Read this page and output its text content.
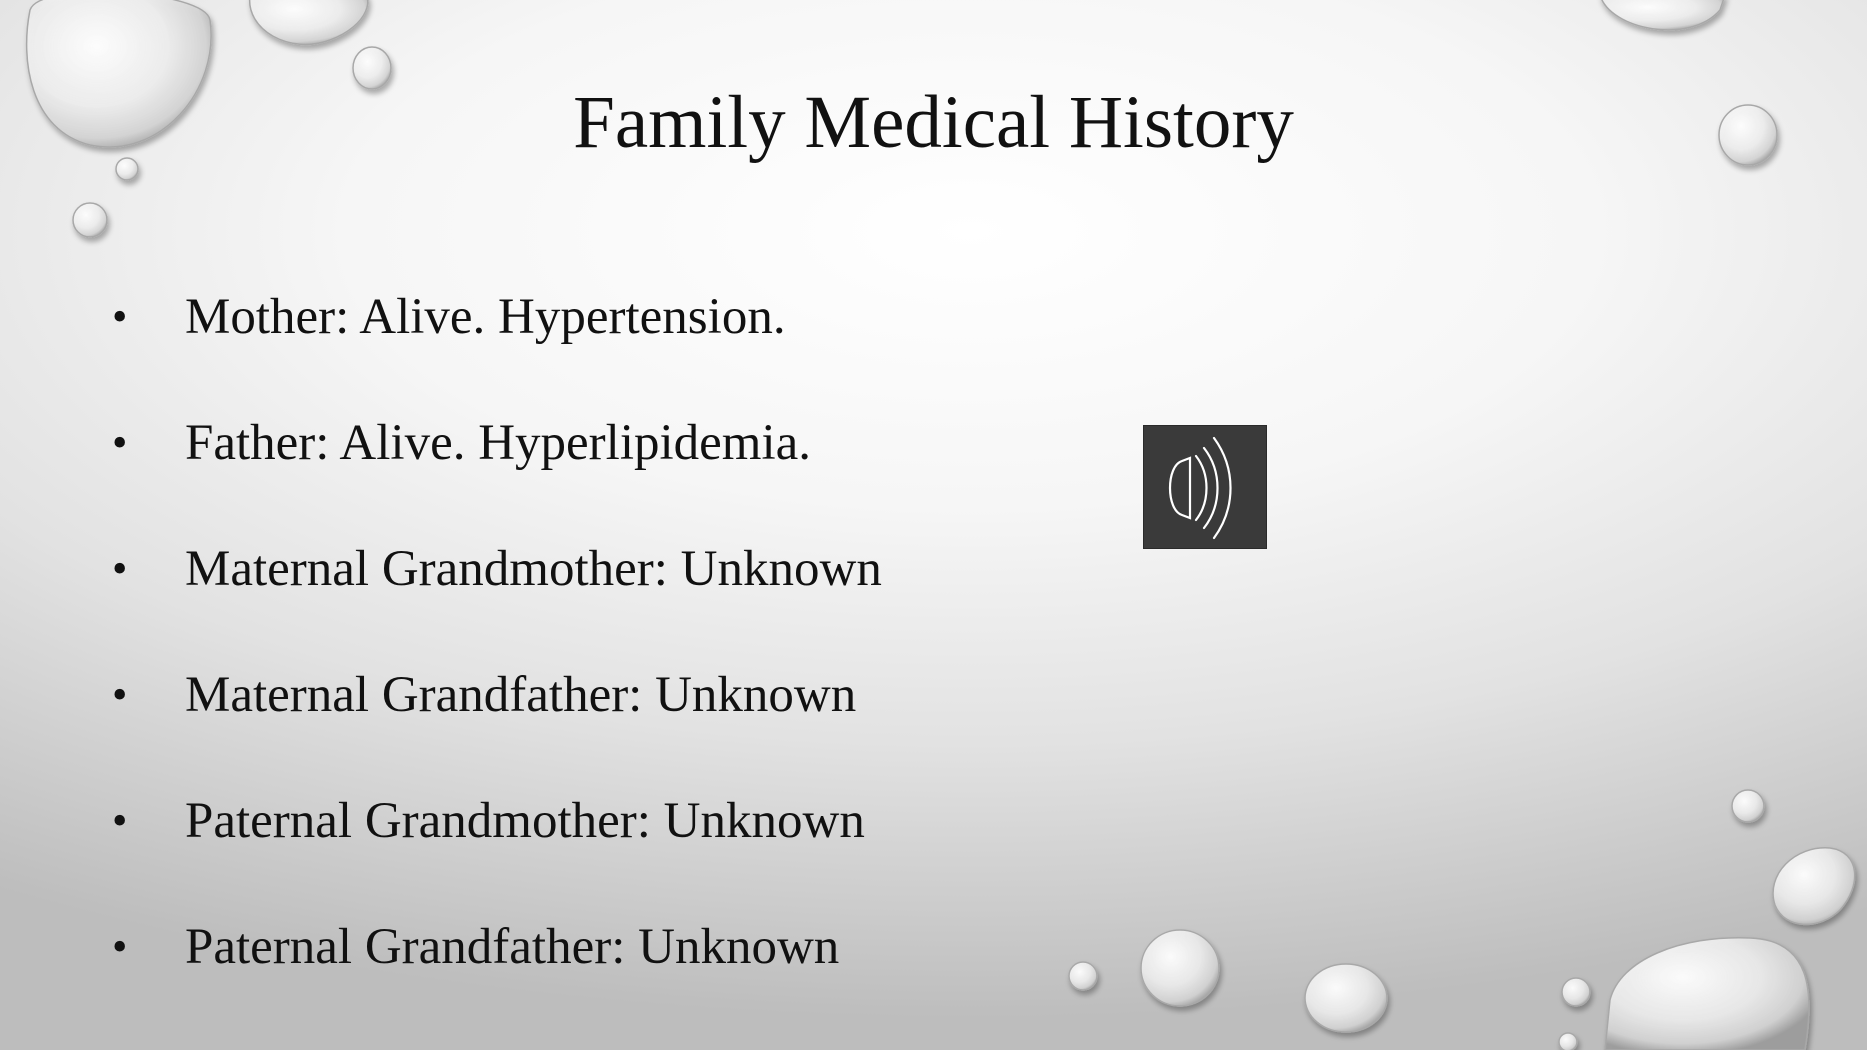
Family Medical History
• Mother: Alive. Hypertension.
• Father: Alive. Hyperlipidemia.
• Maternal Grandmother: Unknown
• Maternal Grandfather: Unknown
• Paternal Grandmother: Unknown
• Paternal Grandfather: Unknown
